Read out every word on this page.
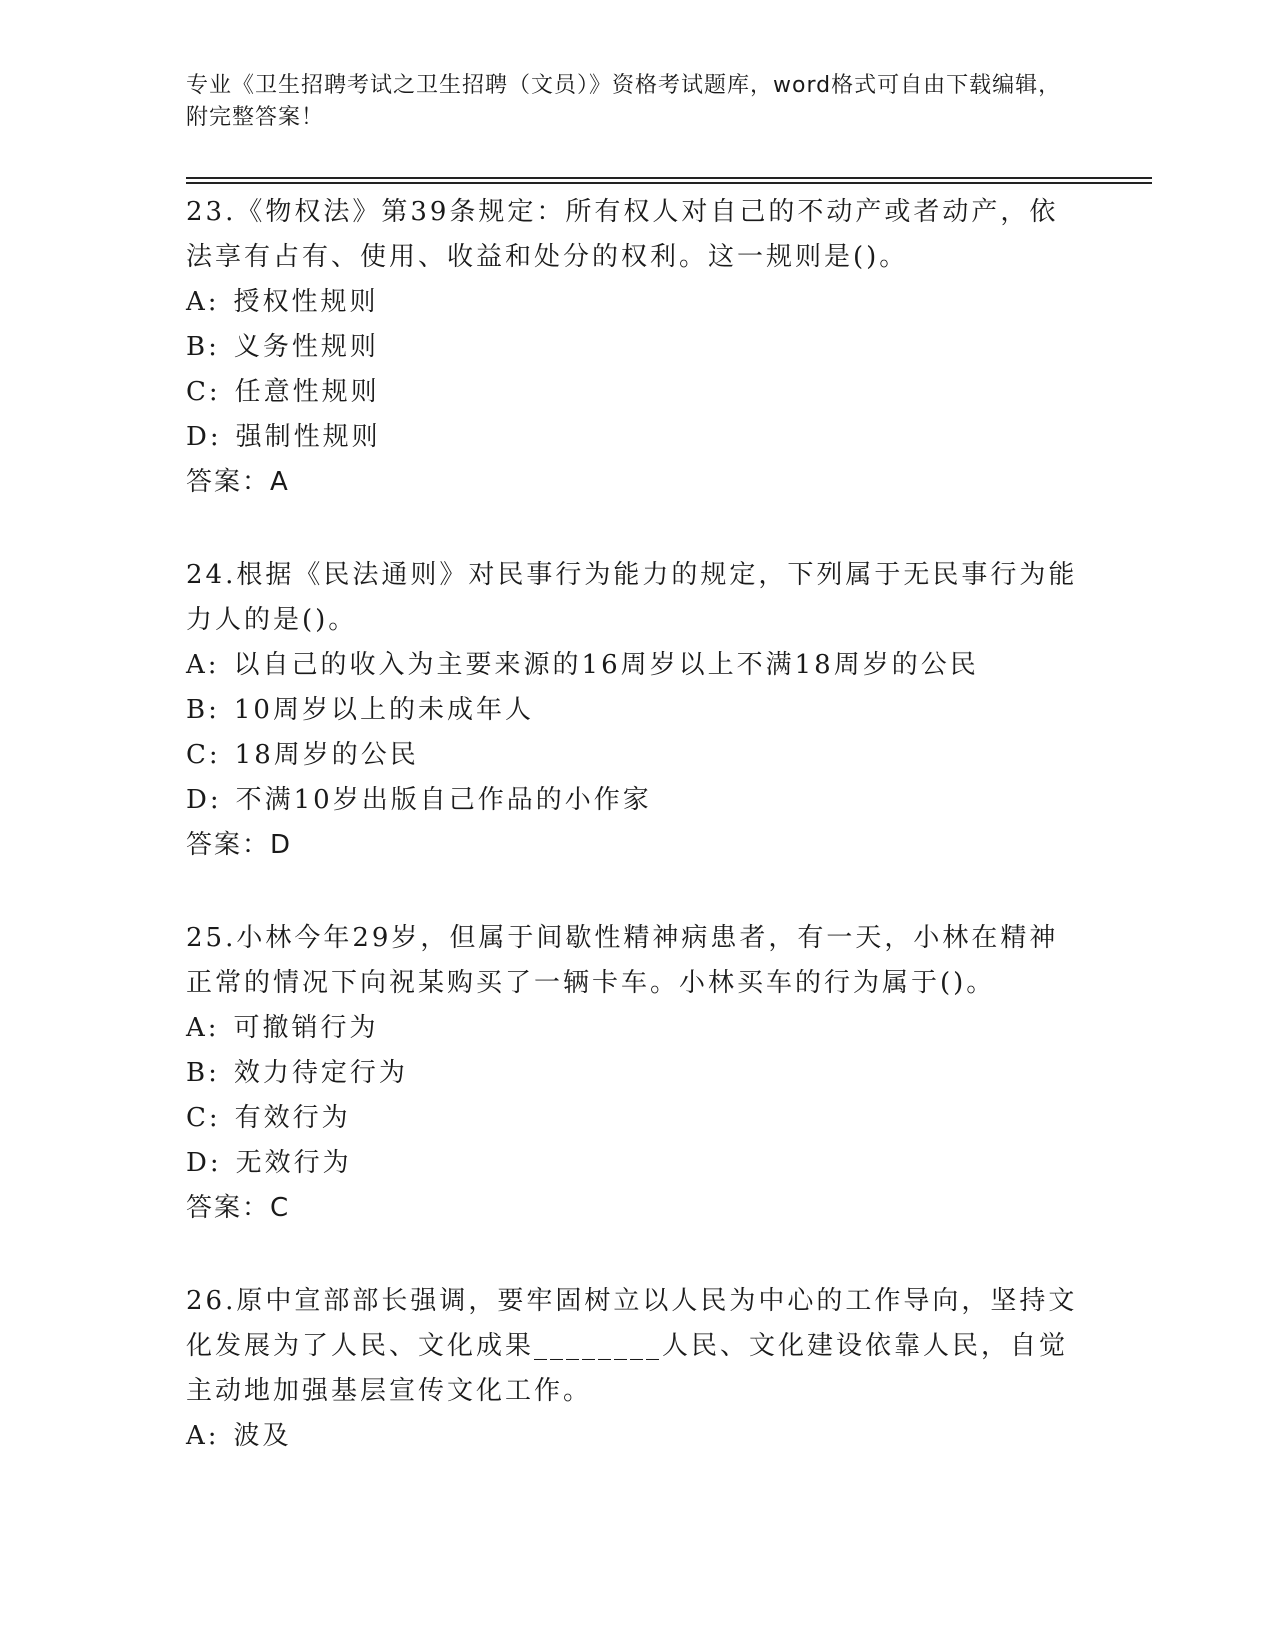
专业《卫生招聘考试之卫生招聘（文员）》资格考试题库，word格式可自由下载编辑，附完整答案！

23.《物权法》第39条规定：所有权人对自己的不动产或者动产，依法享有占有、使用、收益和处分的权利。这一规则是()。

A: 授权性规则

B: 义务性规则

C: 任意性规则

D: 强制性规则

答案：A

24.根据《民法通则》对民事行为能力的规定，下列属于无民事行为能力人的是()。

A: 以自己的收入为主要来源的16周岁以上不满18周岁的公民

B: 10周岁以上的未成年人

C: 18周岁的公民

D: 不满10岁出版自己作品的小作家

答案：D

25.小林今年29岁，但属于间歇性精神病患者，有一天，小林在精神正常的情况下向祝某购买了一辆卡车。小林买车的行为属于()。

A: 可撤销行为

B: 效力待定行为

C: 有效行为

D: 无效行为

答案：C

26.原中宣部部长强调，要牢固树立以人民为中心的工作导向，坚持文化发展为了人民、文化成果________人民、文化建设依靠人民，自觉主动地加强基层宣传文化工作。

A: 波及
